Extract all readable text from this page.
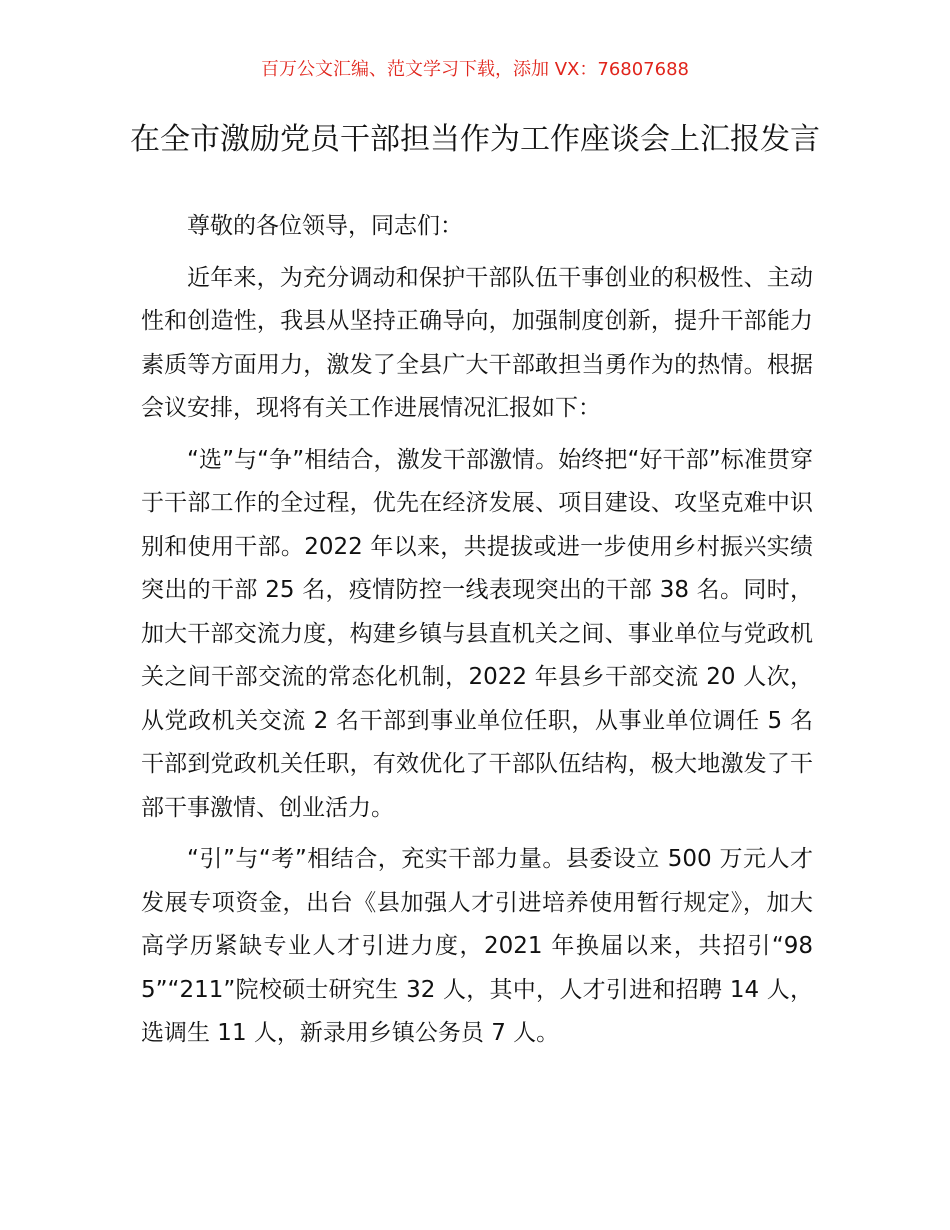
百万公文汇编、范文学习下载，添加 VX：76807688
在全市激励党员干部担当作为工作座谈会上汇报发言

尊敬的各位领导，同志们：

近年来，为充分调动和保护干部队伍干事创业的积极性、主动性和创造性，我县从坚持正确导向，加强制度创新，提升干部能力素质等方面用力，激发了全县广大干部敢担当勇作为的热情。根据会议安排，现将有关工作进展情况汇报如下：

“选”与“争”相结合，激发干部激情。始终把“好干部”标准贯穿于干部工作的全过程，优先在经济发展、项目建设、攻坚克难中识别和使用干部。2022 年以来，共提拔或进一步使用乡村振兴实绩突出的干部 25 名，疫情防控一线表现突出的干部 38 名。同时，加大干部交流力度，构建乡镇与县直机关之间、事业单位与党政机关之间干部交流的常态化机制，2022 年县乡干部交流 20 人次，从党政机关交流 2 名干部到事业单位任职，从事业单位调任 5 名干部到党政机关任职，有效优化了干部队伍结构，极大地激发了干部干事激情、创业活力。

“引”与“考”相结合，充实干部力量。县委设立 500 万元人才发展专项资金，出台《县加强人才引进培养使用暂行规定》，加大高学历紧缺专业人才引进力度，2021 年换届以来，共招引“985”“211”院校硕士研究生 32 人，其中，人才引进和招聘 14 人，选调生 11 人，新录用乡镇公务员 7 人。
